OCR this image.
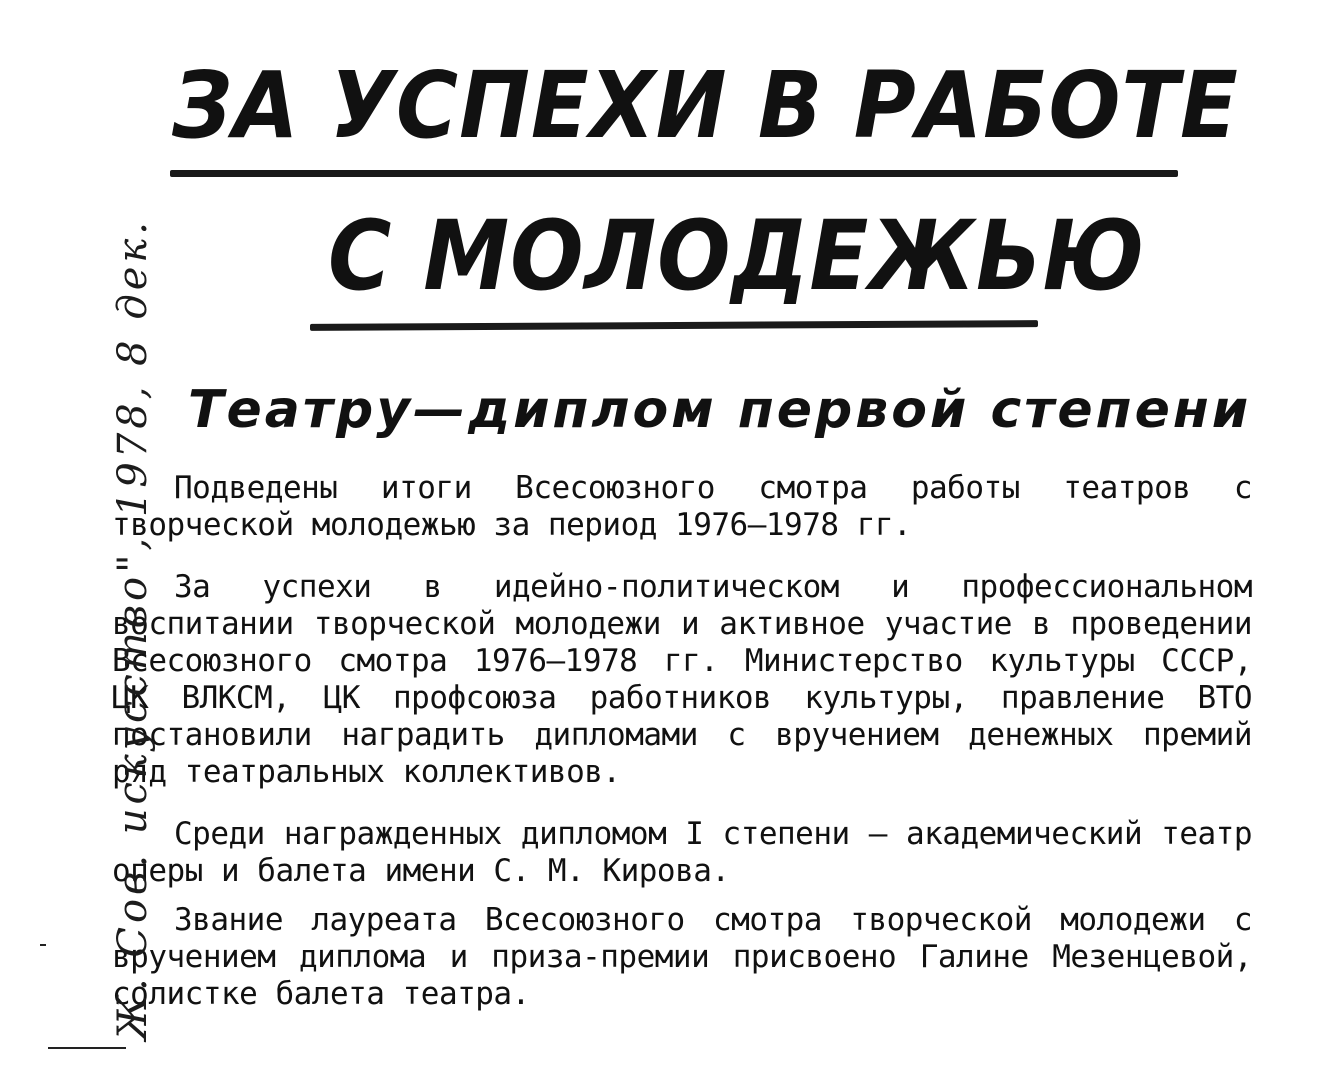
ЗА УСПЕХИ В РАБОТЕ
С МОЛОДЕЖЬЮ
Театру—диплом первой степени

Подведены итоги Всесоюзного смотра работы театров с творческой молодежью за период 1976—1978 гг.

За успехи в идейно-политическом и профессиональном воспитании творческой молодежи и активное участие в проведении Всесоюзного смотра 1976—1978 гг. Министерство культуры СССР, ЦК ВЛКСМ, ЦК профсоюза работников культуры, правление ВТО постановили наградить дипломами с вручением денежных премий ряд театральных коллективов.

Среди награжденных дипломом I степени — академический театр оперы и балета имени С. М. Кирова.

Звание лауреата Всесоюзного смотра творческой молодежи с вручением диплома и приза-премии присвоено Галине Мезенцевой, солистке балета театра.

Ж. Сов. искусство", 1978, 8 дек.
